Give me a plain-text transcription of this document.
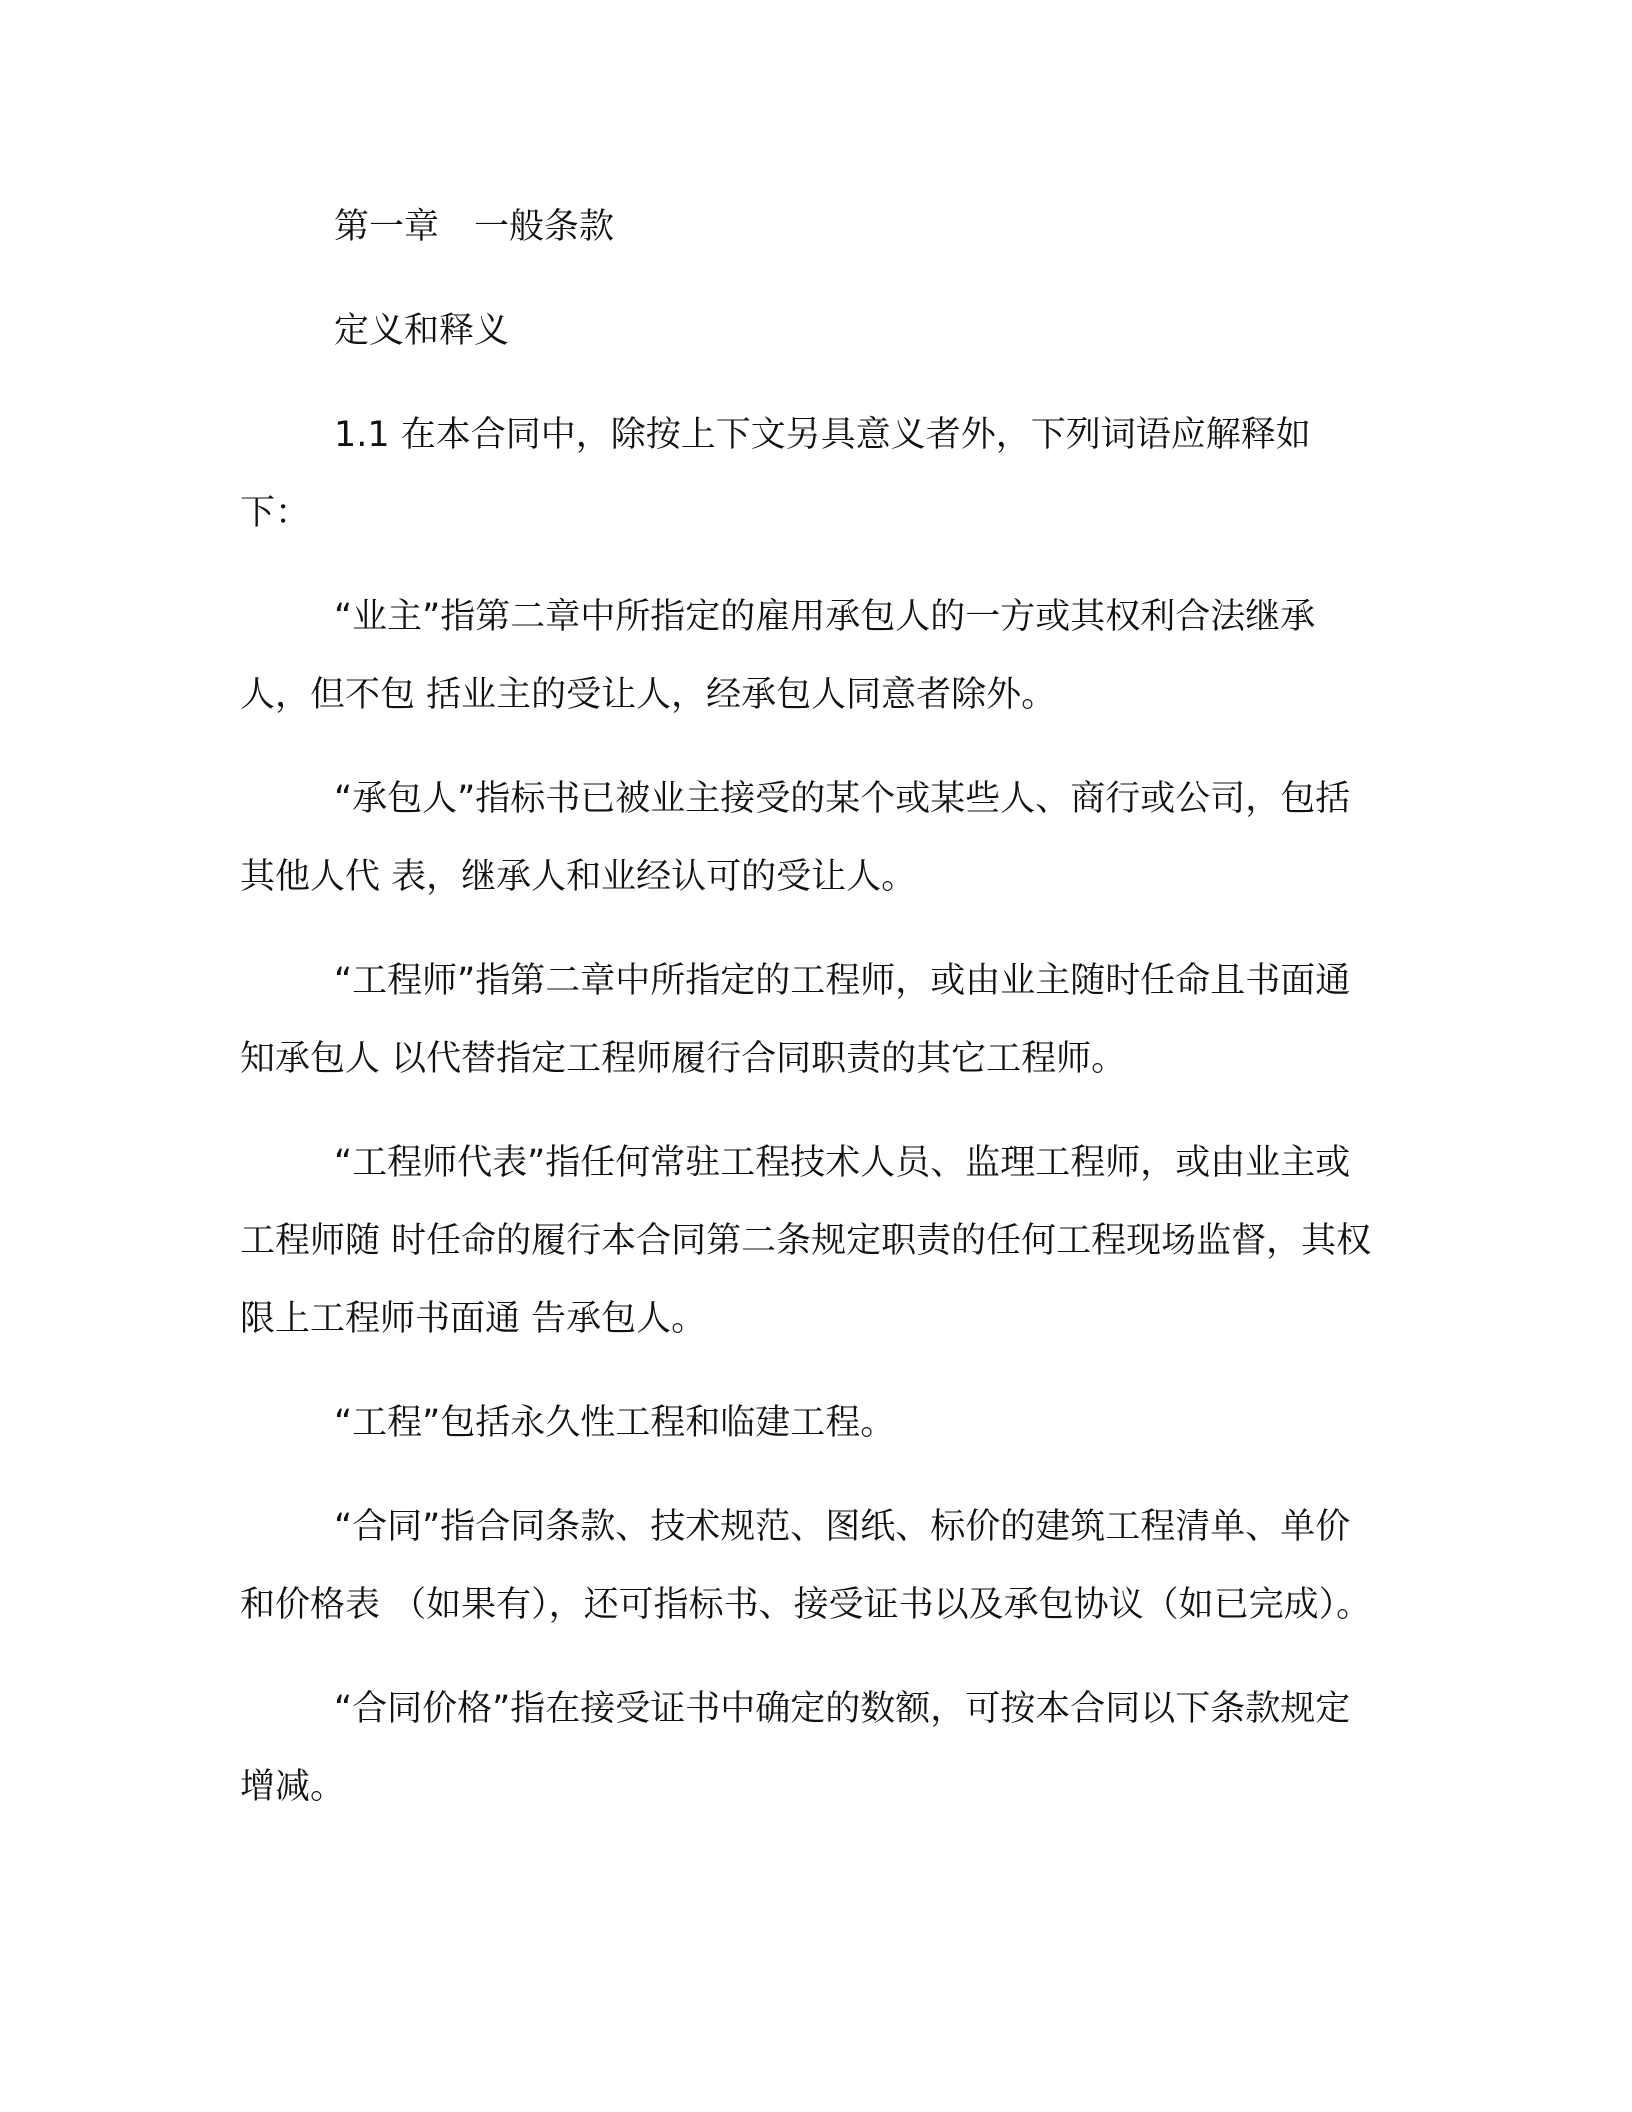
第一章　一般条款
定义和释义

1.1 在本合同中，除按上下文另具意义者外，下列词语应解释如下：

“业主”指第二章中所指定的雇用承包人的一方或其权利合法继承人，但不包 括业主的受让人，经承包人同意者除外。

“承包人”指标书已被业主接受的某个或某些人、商行或公司，包括其他人代 表，继承人和业经认可的受让人。

“工程师”指第二章中所指定的工程师，或由业主随时任命且书面通知承包人 以代替指定工程师履行合同职责的其它工程师。

“工程师代表”指任何常驻工程技术人员、监理工程师，或由业主或工程师随 时任命的履行本合同第二条规定职责的任何工程现场监督，其权限上工程师书面通 告承包人。

“工程”包括永久性工程和临建工程。

“合同”指合同条款、技术规范、图纸、标价的建筑工程清单、单价和价格表 （如果有），还可指标书、接受证书以及承包协议（如已完成）。

“合同价格”指在接受证书中确定的数额，可按本合同以下条款规定增减。
